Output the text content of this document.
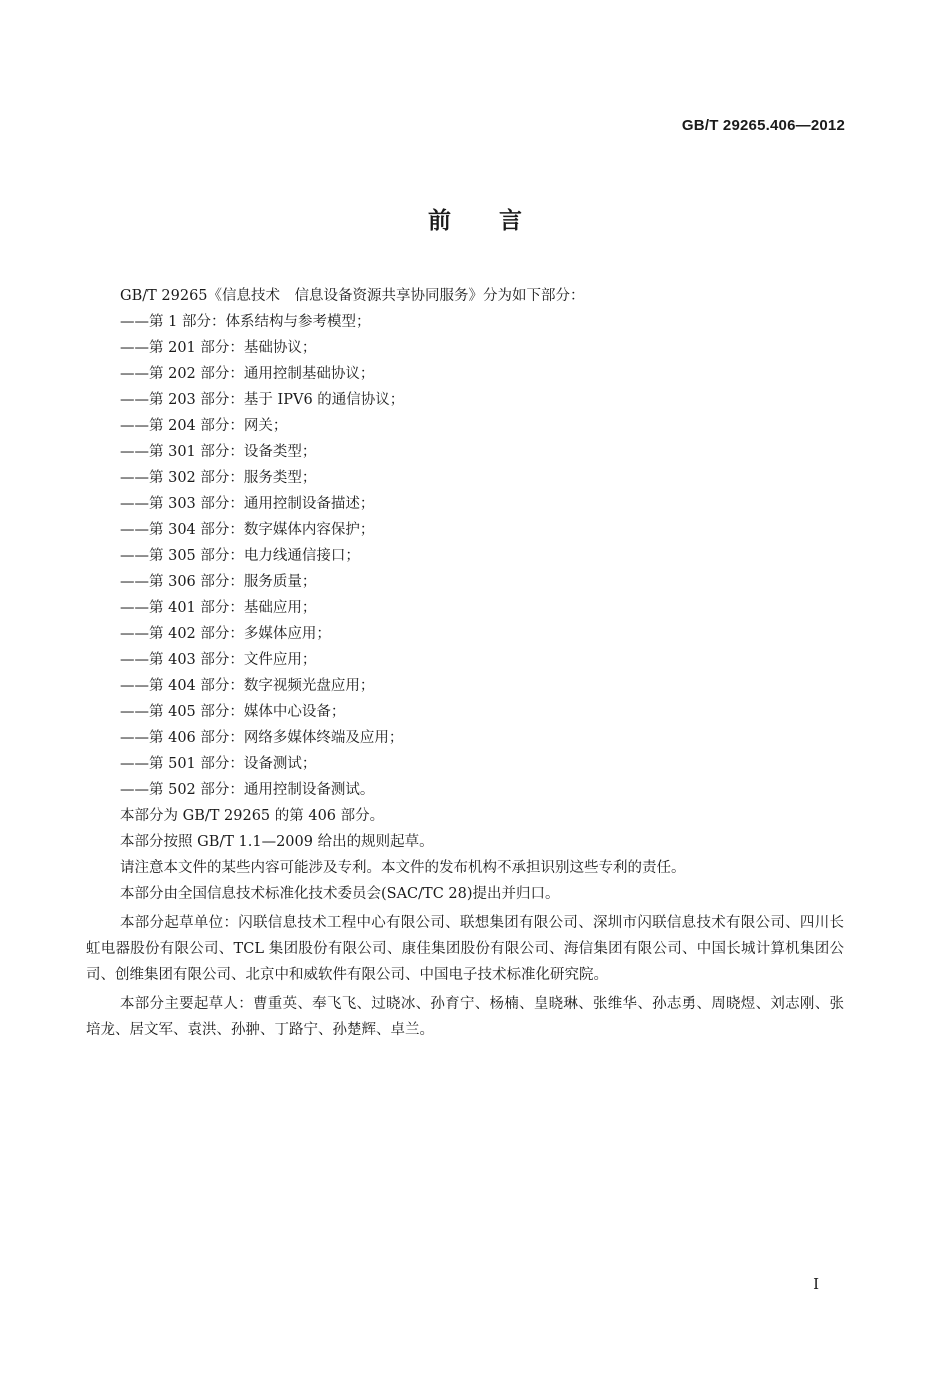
GB/T 29265.406—2012
前言
GB/T 29265《信息技术　信息设备资源共享协同服务》分为如下部分：
——第 1 部分：体系结构与参考模型；
——第 201 部分：基础协议；
——第 202 部分：通用控制基础协议；
——第 203 部分：基于 IPV6 的通信协议；
——第 204 部分：网关；
——第 301 部分：设备类型；
——第 302 部分：服务类型；
——第 303 部分：通用控制设备描述；
——第 304 部分：数字媒体内容保护；
——第 305 部分：电力线通信接口；
——第 306 部分：服务质量；
——第 401 部分：基础应用；
——第 402 部分：多媒体应用；
——第 403 部分：文件应用；
——第 404 部分：数字视频光盘应用；
——第 405 部分：媒体中心设备；
——第 406 部分：网络多媒体终端及应用；
——第 501 部分：设备测试；
——第 502 部分：通用控制设备测试。
本部分为 GB/T 29265 的第 406 部分。
本部分按照 GB/T 1.1—2009 给出的规则起草。
请注意本文件的某些内容可能涉及专利。本文件的发布机构不承担识别这些专利的责任。
本部分由全国信息技术标准化技术委员会(SAC/TC 28)提出并归口。
本部分起草单位：闪联信息技术工程中心有限公司、联想集团有限公司、深圳市闪联信息技术有限公司、四川长虹电器股份有限公司、TCL 集团股份有限公司、康佳集团股份有限公司、海信集团有限公司、中国长城计算机集团公司、创维集团有限公司、北京中和威软件有限公司、中国电子技术标准化研究院。
本部分主要起草人：曹重英、奉飞飞、过晓冰、孙育宁、杨楠、皇晓琳、张维华、孙志勇、周晓煜、刘志刚、张培龙、居文军、袁洪、孙翀、丁路宁、孙楚辉、卓兰。
I
